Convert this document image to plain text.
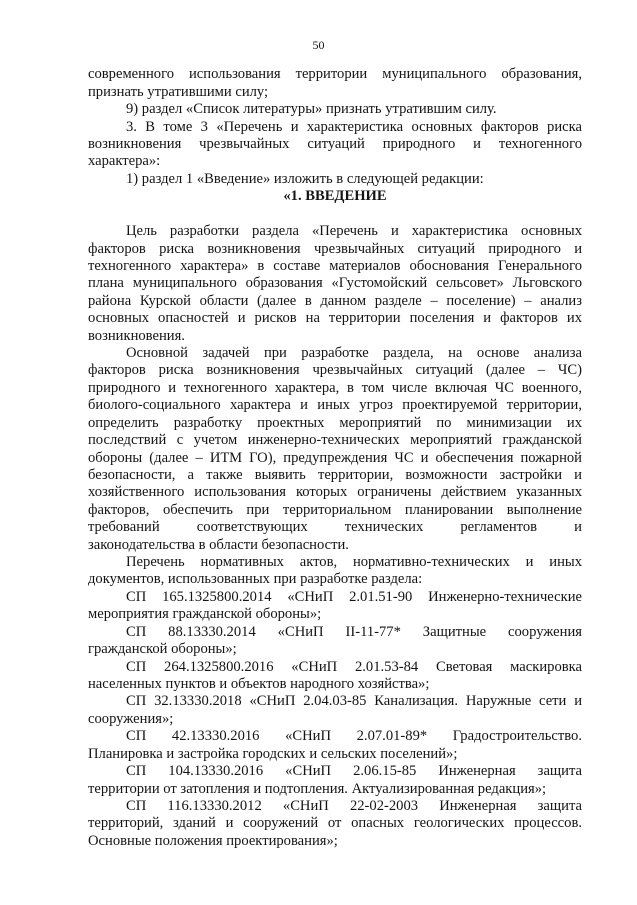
50
современного использования территории муниципального образования,
признать утратившими силу;
9) раздел «Список литературы» признать утратившим силу.
3. В томе 3 «Перечень и характеристика основных факторов риска
возникновения чрезвычайных ситуаций природного и техногенного
характера»:
1) раздел 1 «Введение» изложить в следующей редакции:
«1. ВВЕДЕНИЕ
Цель разработки раздела «Перечень и характеристика основных
факторов риска возникновения чрезвычайных ситуаций природного и
техногенного характера» в составе материалов обоснования Генерального
плана муниципального образования «Густомойский сельсовет» Льговского
района Курской области (далее в данном разделе – поселение) – анализ
основных опасностей и рисков на территории поселения и факторов их
возникновения.
Основной задачей при разработке раздела, на основе анализа
факторов риска возникновения чрезвычайных ситуаций (далее – ЧС)
природного и техногенного характера, в том числе включая ЧС военного,
биолого-социального характера и иных угроз проектируемой территории,
определить разработку проектных мероприятий по минимизации их
последствий с учетом инженерно-технических мероприятий гражданской
обороны (далее – ИТМ ГО), предупреждения ЧС и обеспечения пожарной
безопасности, а также выявить территории, возможности застройки и
хозяйственного использования которых ограничены действием указанных
факторов, обеспечить при территориальном планировании выполнение
требований соответствующих технических регламентов и
законодательства в области безопасности.
Перечень нормативных актов, нормативно-технических и иных
документов, использованных при разработке раздела:
СП 165.1325800.2014 «СНиП 2.01.51-90 Инженерно-технические
мероприятия гражданской обороны»;
СП 88.13330.2014 «СНиП II-11-77* Защитные сооружения
гражданской обороны»;
СП 264.1325800.2016 «СНиП 2.01.53-84 Световая маскировка
населенных пунктов и объектов народного хозяйства»;
СП 32.13330.2018 «СНиП 2.04.03-85 Канализация. Наружные сети и
сооружения»;
СП 42.13330.2016 «СНиП 2.07.01-89* Градостроительство.
Планировка и застройка городских и сельских поселений»;
СП 104.13330.2016 «СНиП 2.06.15-85 Инженерная защита
территории от затопления и подтопления. Актуализированная редакция»;
СП 116.13330.2012 «СНиП 22-02-2003 Инженерная защита
территорий, зданий и сооружений от опасных геологических процессов.
Основные положения проектирования»;
